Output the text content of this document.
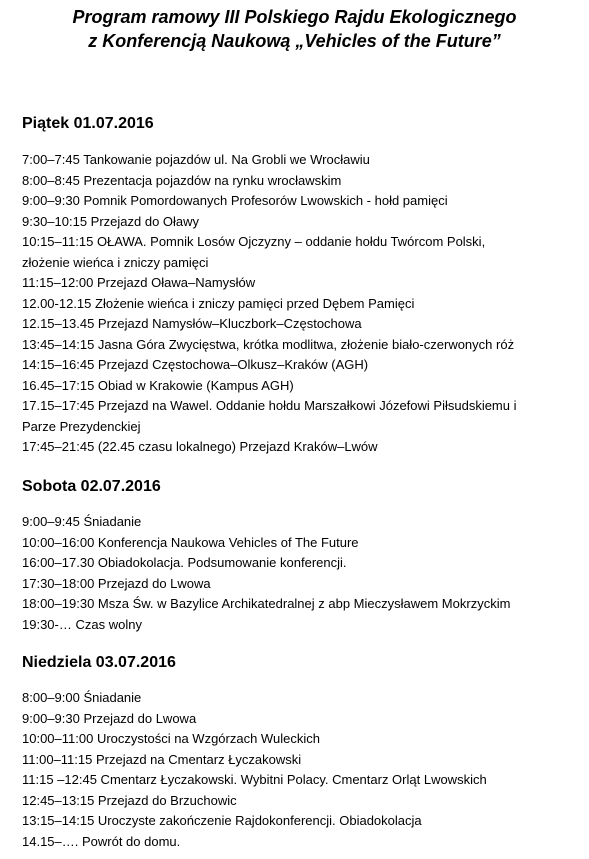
Program ramowy III Polskiego Rajdu Ekologicznego
z Konferencją Naukową „Vehicles of the Future”
Piątek 01.07.2016
7:00–7:45 Tankowanie pojazdów ul. Na Grobli we Wrocławiu
8:00–8:45 Prezentacja pojazdów na rynku wrocławskim
9:00–9:30 Pomnik Pomordowanych Profesorów Lwowskich - hołd pamięci
9:30–10:15 Przejazd do Oławy
10:15–11:15 OŁAWA. Pomnik Losów Ojczyzny – oddanie hołdu Twórcom Polski,
złożenie wieńca i zniczy pamięci
11:15–12:00 Przejazd Oława–Namysłów
12.00-12.15 Złożenie wieńca i zniczy pamięci przed Dębem Pamięci
12.15–13.45 Przejazd Namysłów–Kluczbork–Częstochowa
13:45–14:15 Jasna Góra Zwycięstwa, krótka modlitwa, złożenie biało-czerwonych róż
14:15–16:45 Przejazd Częstochowa–Olkusz–Kraków (AGH)
16.45–17:15 Obiad w Krakowie (Kampus AGH)
17.15–17:45 Przejazd na Wawel. Oddanie hołdu Marszałkowi Józefowi Piłsudskiemu i
Parze Prezydenckiej
17:45–21:45 (22.45 czasu lokalnego) Przejazd Kraków–Lwów
Sobota 02.07.2016
9:00–9:45 Śniadanie
10:00–16:00 Konferencja Naukowa Vehicles of The Future
16:00–17.30 Obiadokolacja. Podsumowanie konferencji.
17:30–18:00 Przejazd do Lwowa
18:00–19:30 Msza Św. w Bazylice Archikatedralnej z abp Mieczysławem Mokrzyckim
19:30-… Czas wolny
Niedziela 03.07.2016
8:00–9:00 Śniadanie
9:00–9:30 Przejazd do Lwowa
10:00–11:00 Uroczystości na Wzgórzach Wuleckich
11:00–11:15 Przejazd na Cmentarz Łyczakowski
11:15 –12:45 Cmentarz Łyczakowski. Wybitni Polacy. Cmentarz Orląt Lwowskich
12:45–13:15 Przejazd do Brzuchowic
13:15–14:15 Uroczyste zakończenie Rajdokonferencji. Obiadokolacja
14.15–…. Powrót do domu.
